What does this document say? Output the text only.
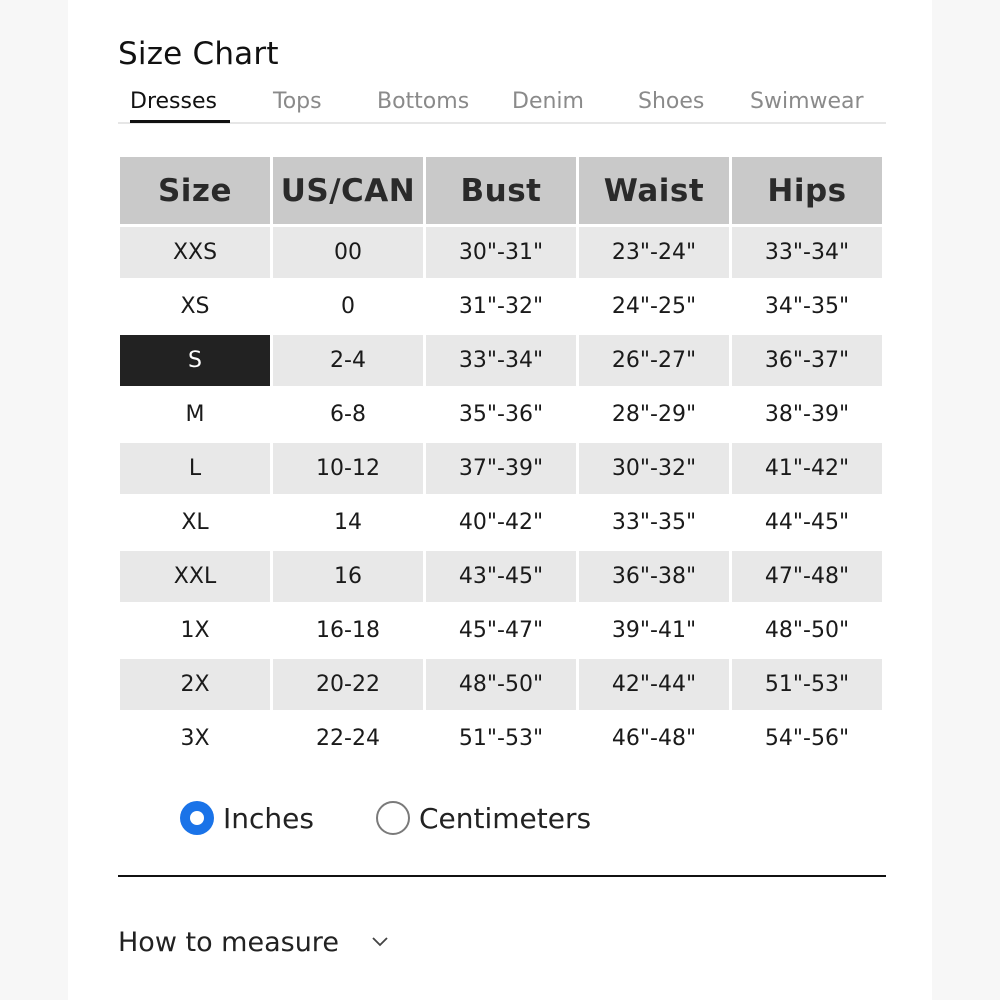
Size Chart
Dresses	Tops	Bottoms Denim Shoes Swimwear
Size	US/CAN	Bust	Waist	Hips
XXS	00	30"-31"	23"-24"	33"-34"
XS	0	31"-32"	24"-25"	34"-35"
S	2-4	33"-34"	26"-27"	36"-37"
M	6-8	35"-36"	28"-29"	38"-39"
L	10-12	37"-39"	30"-32"	41"-42"
XL	14	40"-42"	33"-35"	44"-45"
XXL	16	43"-45"	36"-38"	47"-48"
1X	16-18	45"-47"	39"-41"	48"-50"
2X	20-22	48"-50"	42"-44"	51"-53"
3X	22-24	51"-53"	46"-48"	54"-56"
Inches	Centimeters
How to measure
